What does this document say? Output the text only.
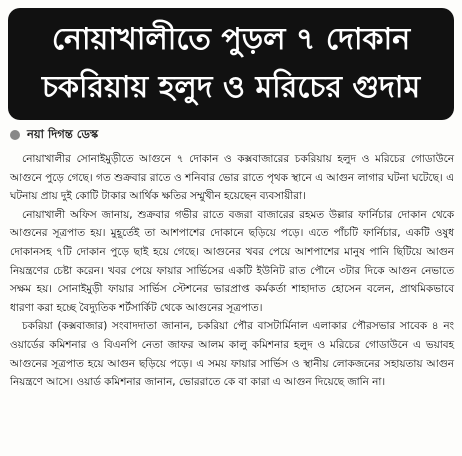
নোয়াখালীতে পুড়ল ৭ দোকান
চকরিয়ায় হলুদ ও মরিচের গুদাম
নয়া দিগন্ত ডেস্ক

নোয়াখালীর সোনাইমুড়ীতে আগুনে ৭ দোকান ও কক্সবাজারের চকরিয়ায় হলুদ ও মরিচের গোডাউনে আগুনে পুড়ে গেছে। গত শুক্রবার রাতে ও শনিবার ভোর রাতে পৃথক স্থানে এ আগুন লাগার ঘটনা ঘটেছে। এ ঘটনায় প্রায় দুই কোটি টাকার আর্থিক ক্ষতির সম্মুখীন হয়েছেন ব্যবসায়ীরা।

নোয়াখালী অফিস জানায়, শুক্রবার গভীর রাতে বজরা বাজারের রহমত উল্লার ফার্নিচার দোকান থেকে আগুনের সূত্রপাত হয়। মুহূর্তেই তা আশপাশের দোকানে ছড়িয়ে পড়ে। এতে পাঁচটি ফার্নিচার, একটি ওষুধ দোকানসহ ৭টি দোকান পুড়ে ছাই হয়ে গেছে। আগুনের খবর পেয়ে আশপাশের মানুষ পানি ছিটিয়ে আগুন নিয়ন্ত্রণের চেষ্টা করেন। খবর পেয়ে ফায়ার সার্ভিসের একটি ইউনিট রাত পৌনে ৩টার দিকে আগুন নেভাতে সক্ষম হয়। সোনাইমুড়ী ফায়ার সার্ভিস স্টেশনের ভারপ্রাপ্ত কর্মকর্তা শাহাদাত হোসেন বলেন, প্রাথমিকভাবে ধারণা করা হচ্ছে বৈদ্যুতিক শর্টসার্কিট থেকে আগুনের সূত্রপাত।

চকরিয়া (কক্সবাজার) সংবাদদাতা জানান, চকরিয়া পৌর বাসটার্মিনাল এলাকার পৌরসভার সাবেক ৪ নং ওয়ার্ডের কমিশনার ও বিএনপি নেতা জাফর আলম কালু কমিশনার হলুদ ও মরিচের গোডাউনে এ ভয়াবহ আগুনের সূত্রপাত হয়ে আগুন ছড়িয়ে পড়ে। এ সময় ফায়ার সার্ভিস ও স্থানীয় লোকজনের সহায়তায় আগুন নিয়ন্ত্রণে আসে। ওয়ার্ড কমিশনার জানান, ভোররাতে কে বা কারা এ আগুন দিয়েছে জানি না।
